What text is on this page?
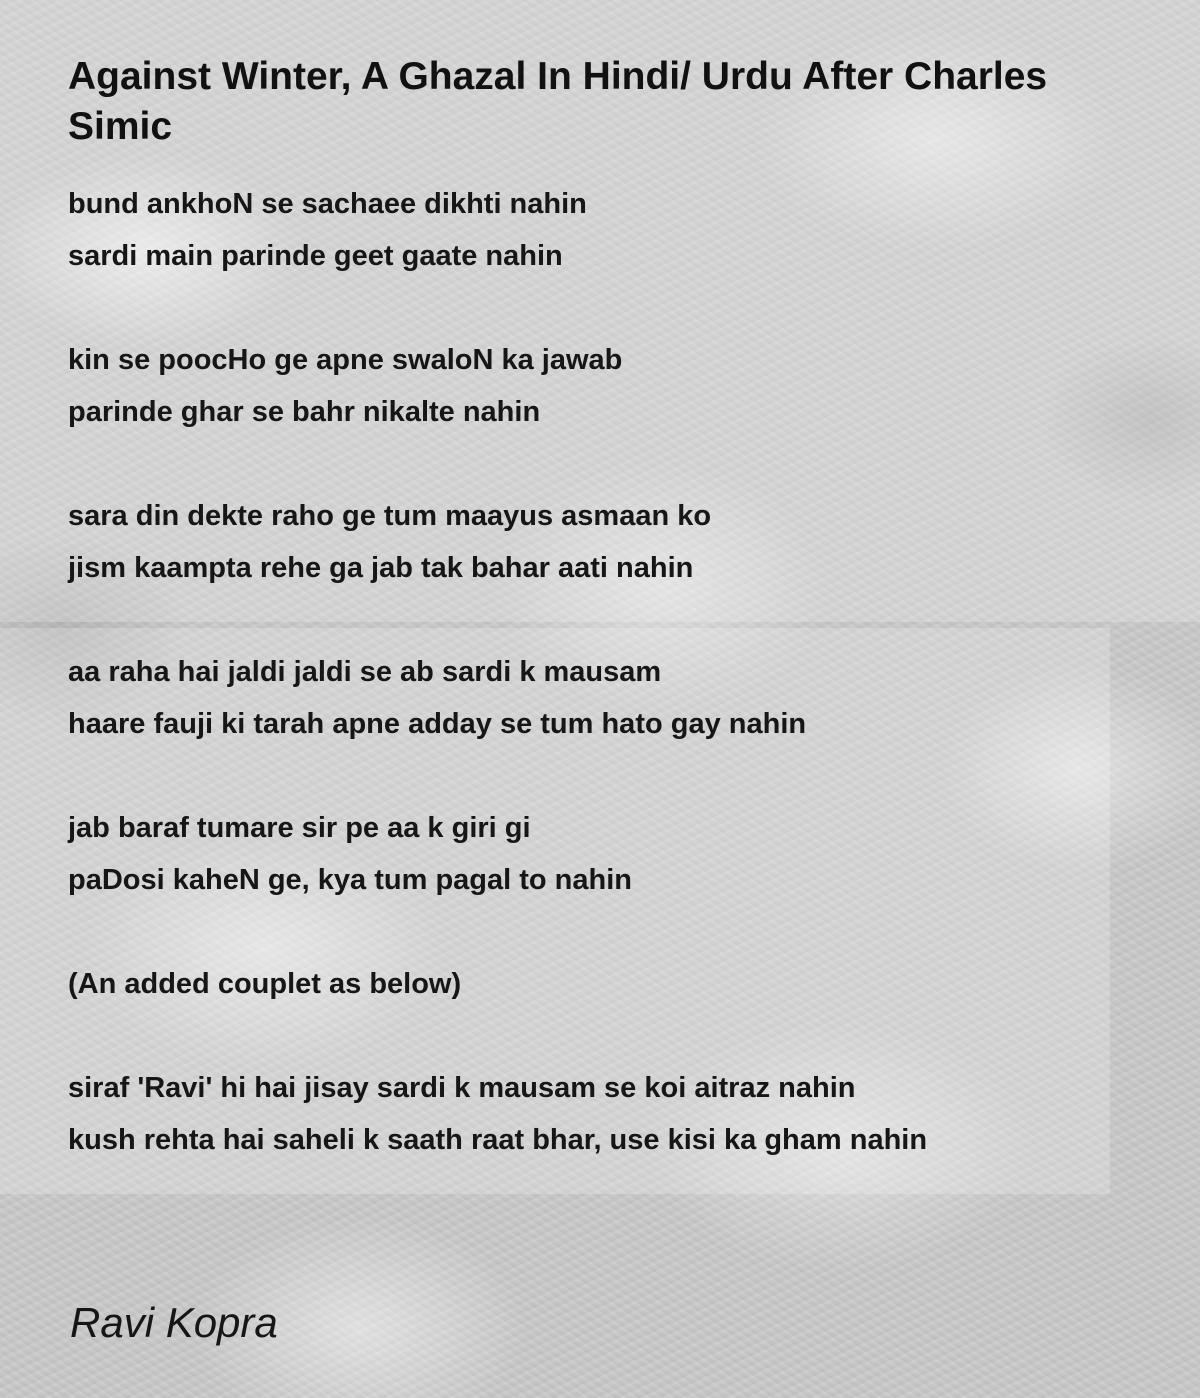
Against Winter, A Ghazal In Hindi/ Urdu After Charles Simic
bund ankhoN se sachaee dikhti nahin
sardi main parinde geet gaate nahin
kin se poocHo ge apne swaloN ka jawab
parinde ghar se bahr nikalte nahin
sara din dekte raho ge tum maayus asmaan ko
jism kaampta rehe ga jab tak bahar aati nahin
aa raha hai jaldi jaldi se ab sardi k mausam
haare fauji ki tarah apne adday se tum hato gay nahin
jab baraf tumare sir pe aa k giri gi
paDosi kaheN ge, kya tum pagal to nahin
(An added couplet as below)
siraf 'Ravi' hi hai jisay sardi k mausam se koi aitraz nahin
kush rehta hai saheli k saath raat bhar, use kisi ka gham nahin
Ravi Kopra
